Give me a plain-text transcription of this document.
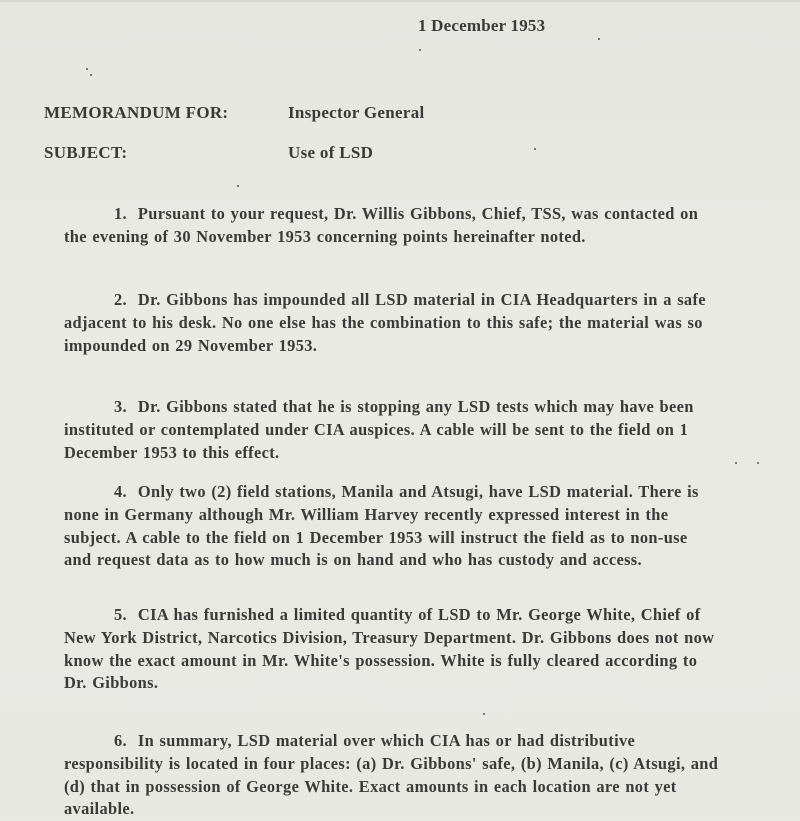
1 December 1953
MEMORANDUM FOR:	Inspector General
SUBJECT:	Use of LSD
1. Pursuant to your request, Dr. Willis Gibbons, Chief, TSS, was contacted on the evening of 30 November 1953 concerning points hereinafter noted.
2. Dr. Gibbons has impounded all LSD material in CIA Headquarters in a safe adjacent to his desk. No one else has the combination to this safe; the material was so impounded on 29 November 1953.
3. Dr. Gibbons stated that he is stopping any LSD tests which may have been instituted or contemplated under CIA auspices. A cable will be sent to the field on 1 December 1953 to this effect.
4. Only two (2) field stations, Manila and Atsugi, have LSD material. There is none in Germany although Mr. William Harvey recently expressed interest in the subject. A cable to the field on 1 December 1953 will instruct the field as to non-use and request data as to how much is on hand and who has custody and access.
5. CIA has furnished a limited quantity of LSD to Mr. George White, Chief of New York District, Narcotics Division, Treasury Department. Dr. Gibbons does not now know the exact amount in Mr. White's possession. White is fully cleared according to Dr. Gibbons.
6. In summary, LSD material over which CIA has or had distributive responsibility is located in four places: (a) Dr. Gibbons' safe, (b) Manila, (c) Atsugi, and (d) that in possession of George White. Exact amounts in each location are not yet available.
